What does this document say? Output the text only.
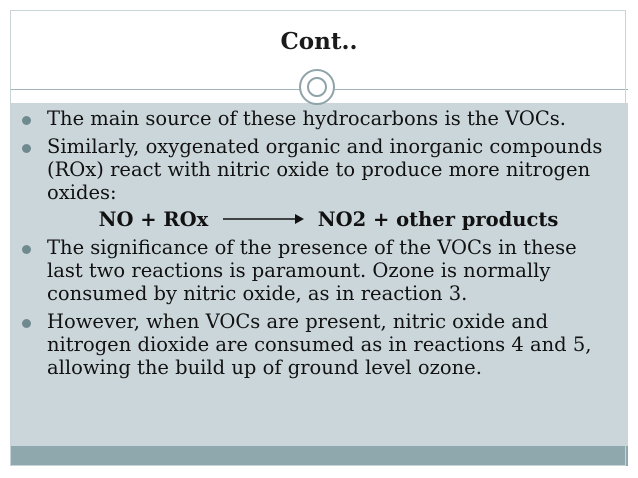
Cont..
The main source of these hydrocarbons is the VOCs.
Similarly, oxygenated organic and inorganic compounds (ROx) react with nitric oxide to produce more nitrogen oxides:
NO + ROx	NO2 + other products
The significance of the presence of the VOCs in these last two reactions is paramount. Ozone is normally consumed by nitric oxide, as in reaction 3.
However, when VOCs are present, nitric oxide and nitrogen dioxide are consumed as in reactions 4 and 5, allowing the build up of ground level ozone.
